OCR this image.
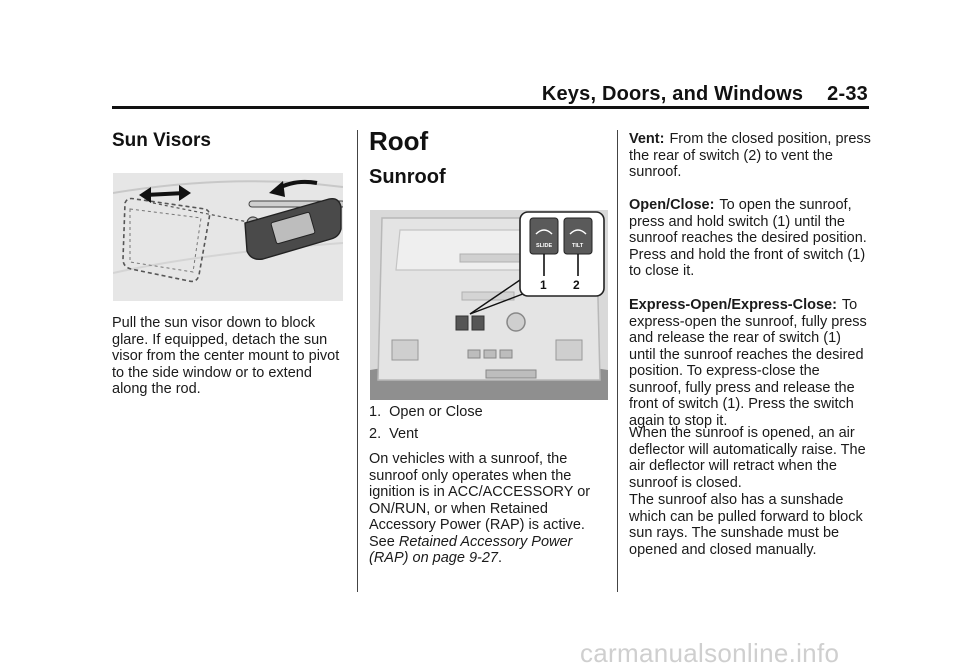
Keys, Doors, and Windows 2-33
Sun Visors

Pull the sun visor down to block glare. If equipped, detach the sun visor from the center mount to pivot to the side window or to extend along the rod.

Roof
Sunroof
SLIDE	TILT
1 2
1. Open or Close
2. Vent

On vehicles with a sunroof, the

sunroof only operates when the

ignition is in ACC/ACCESSORY or

ON/RUN, or when Retained

Accessory Power (RAP) is active.

See Retained Accessory Power

(RAP) on page 9-27.

Vent: From the closed position, press the rear of switch (2) to vent the sunroof.

Open/Close: To open the sunroof, press and hold switch (1) until the sunroof reaches the desired position. Press and hold the front of switch (1) to close it.

Express-Open/Express-Close: To express-open the sunroof, fully press and release the rear of switch (1) until the sunroof reaches the desired position. To express-close the sunroof, fully press and release the front of switch (1). Press the switch again to stop it.

When the sunroof is opened, an air deflector will automatically raise. The air deflector will retract when the sunroof is closed.

The sunroof also has a sunshade which can be pulled forward to block sun rays. The sunshade must be opened and closed manually.

carmanualsonline.info
